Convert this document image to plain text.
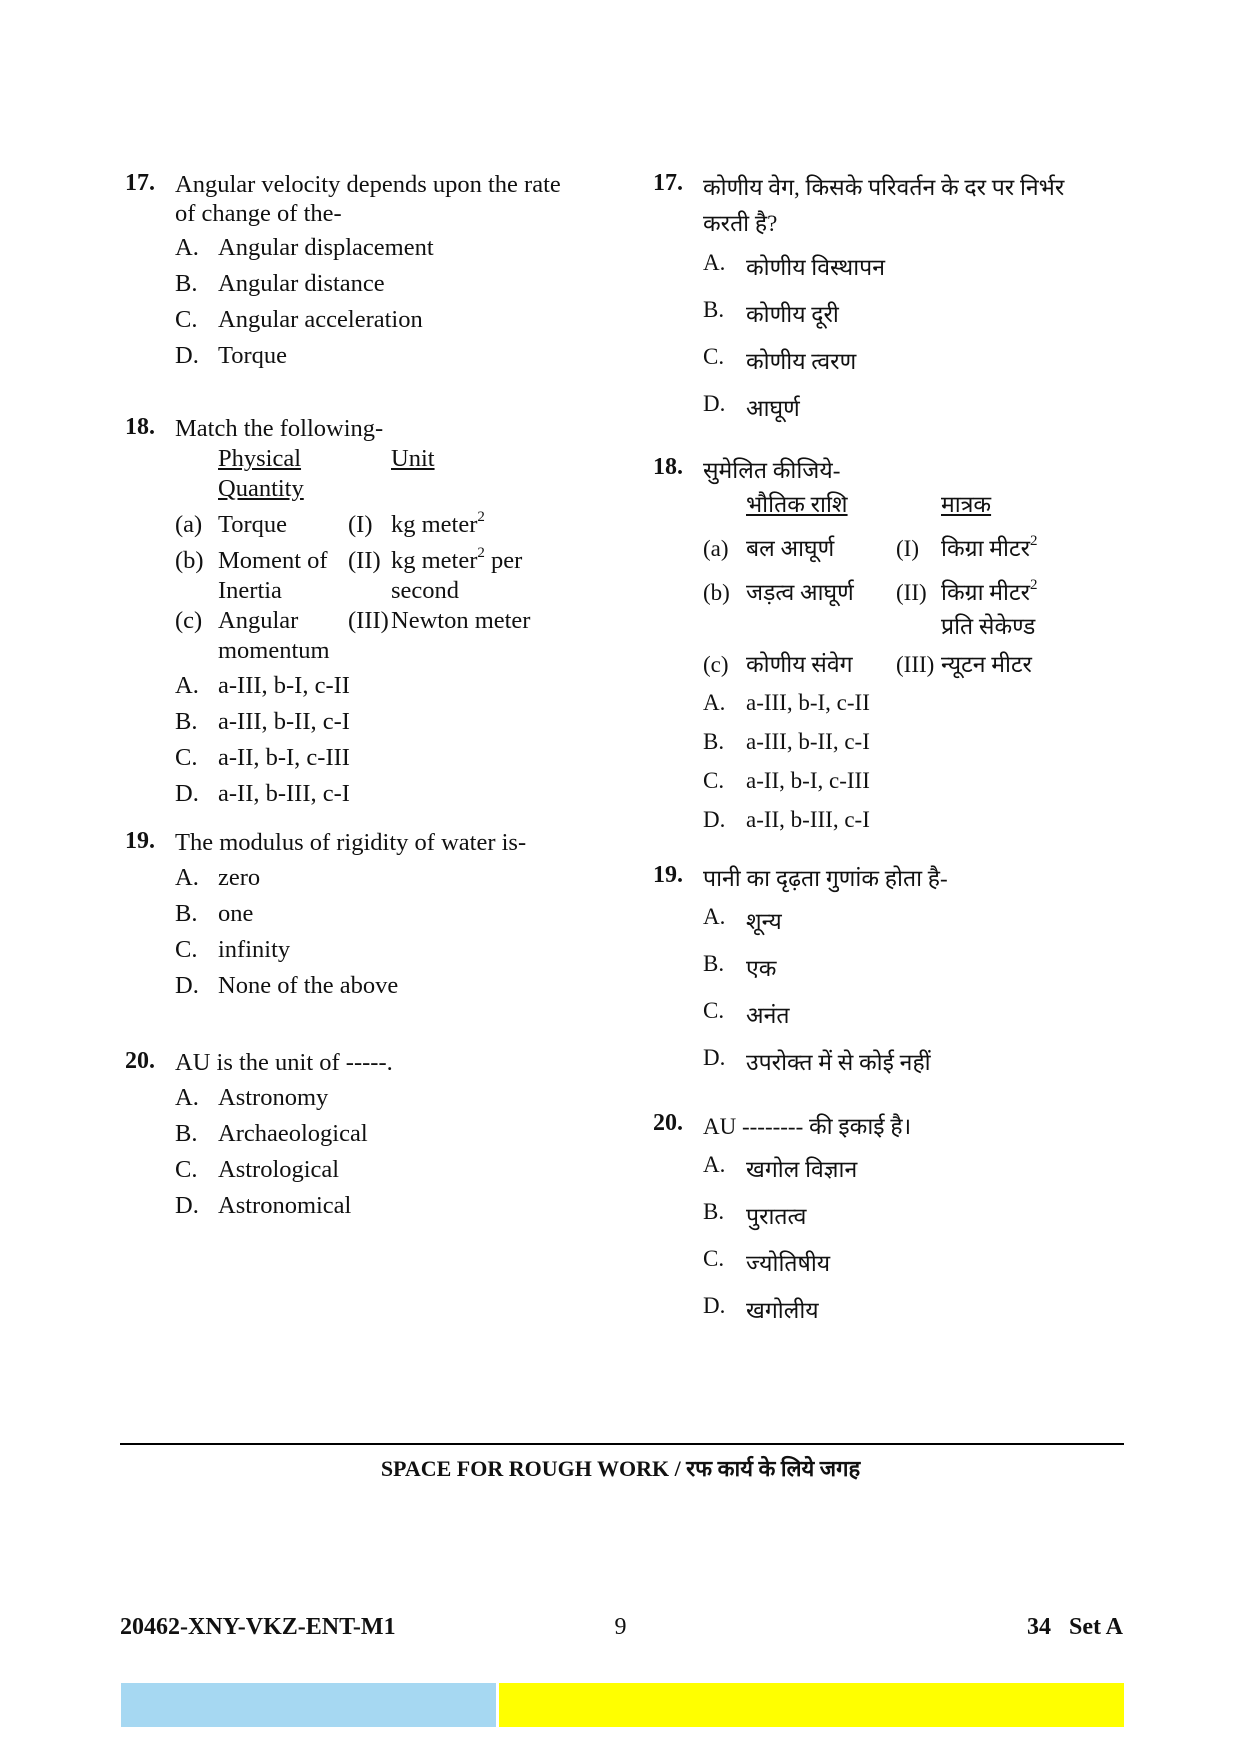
17. Angular velocity depends upon the rate of change of the-
A. Angular displacement
B. Angular distance
C. Angular acceleration
D. Torque
18. Match the following-
	Physical
Quantity		Unit
(a)	Torque	(I)	kg meter$^2$
(b)	Moment of Inertia	(II)	kg meter$^2$ per second
(c)	Angular momentum	(III)	Newton meter
A. a-III, b-I, c-II
B. a-III, b-II, c-I
C. a-II, b-I, c-III
D. a-II, b-III, c-I
19. The modulus of rigidity of water is-
A. zero
B. one
C. infinity
D. None of the above
20. AU is the unit of -----.
A. Astronomy
B. Archaeological
C. Astrological
D. Astronomical
17. कोणीय वेग, किसके परिवर्तन के दर पर निर्भर करती है?
A. कोणीय विस्थापन
B. कोणीय दूरी
C. कोणीय त्वरण
D. आघूर्ण
18. सुमेलित कीजिये-
	भौतिक राशि		मात्रक
(a)	बल आघूर्ण	(I)	किग्रा मीटर$^2$
(b)	जड़त्व आघूर्ण	(II)	किग्रा मीटर$^2$ प्रति सेकेण्ड
(c)	कोणीय संवेग	(III)	न्यूटन मीटर
A. a-III, b-I, c-II
B. a-III, b-II, c-I
C. a-II, b-I, c-III
D. a-II, b-III, c-I
19. पानी का दृढ़ता गुणांक होता है-
A. शून्य
B. एक
C. अनंत
D. उपरोक्त में से कोई नहीं
20. AU -------- की इकाई है।
A. खगोल विज्ञान
B. पुरातत्व
C. ज्योतिषीय
D. खगोलीय
SPACE FOR ROUGH WORK / रफ कार्य के लिये जगह
20462-XNY-VKZ-ENT-M1	9	34   Set A
